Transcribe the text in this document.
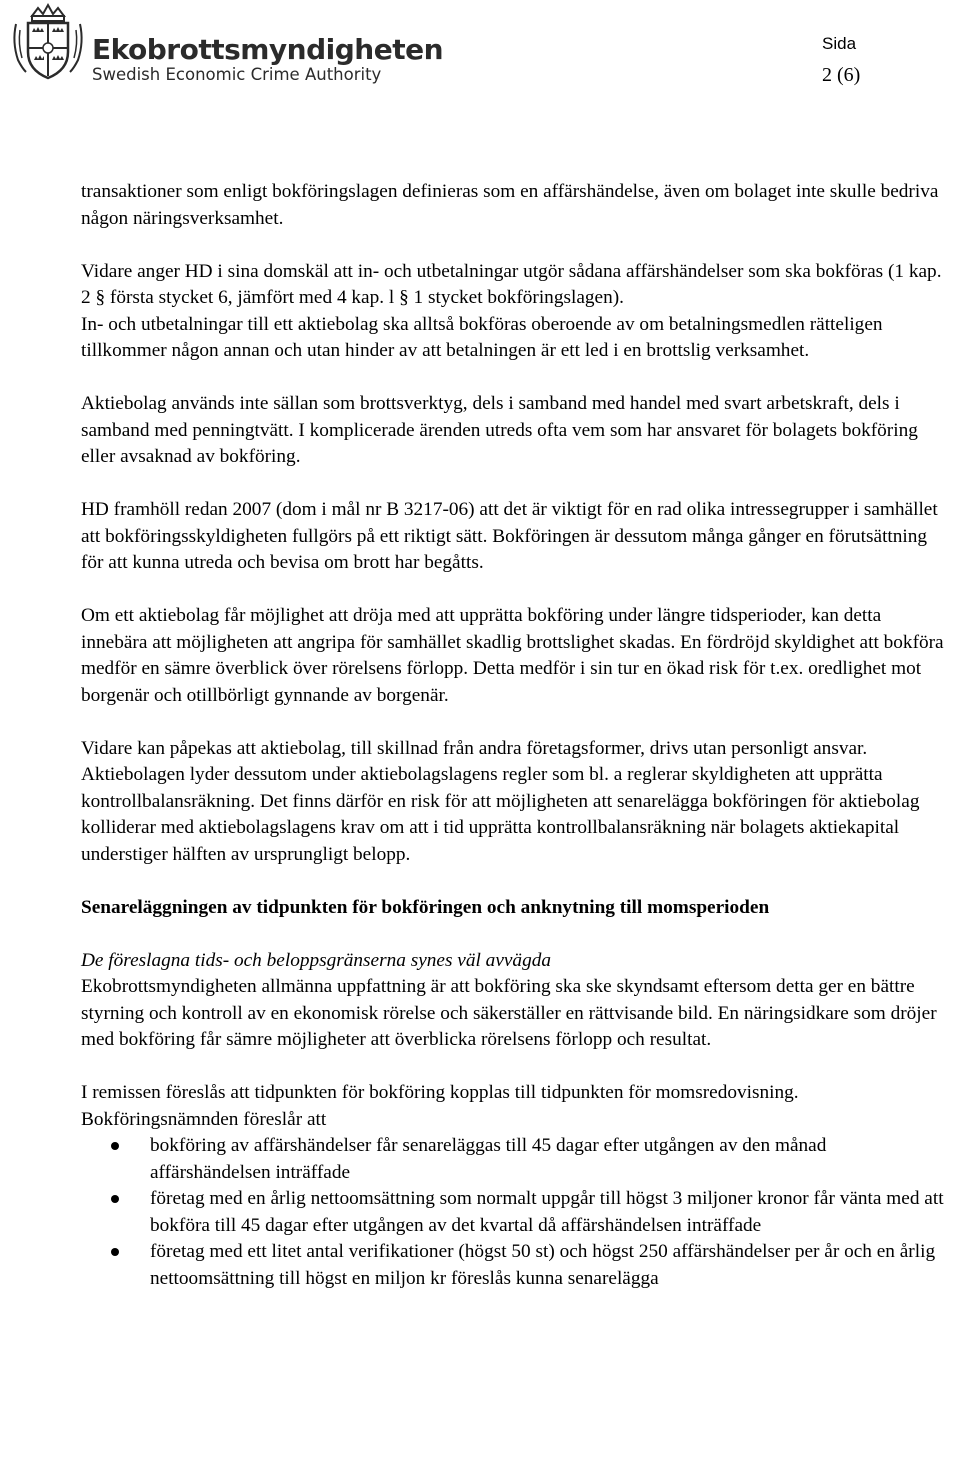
Ekobrottsmyndigheten
Swedish Economic Crime Authority
Sida
2 (6)

transaktioner som enligt bokföringslagen definieras som en affärshändelse, även om bolaget inte skulle bedriva någon näringsverksamhet.

Vidare anger HD i sina domskäl att in- och utbetalningar utgör sådana affärshändelser som ska bokföras (1 kap. 2 § första stycket 6, jämfört med 4 kap. l § 1 stycket bokföringslagen).

In- och utbetalningar till ett aktiebolag ska alltså bokföras oberoende av om betalningsmedlen rätteligen tillkommer någon annan och utan hinder av att betalningen är ett led i en brottslig verksamhet.

Aktiebolag används inte sällan som brottsverktyg, dels i samband med handel med svart arbetskraft, dels i samband med penningtvätt. I komplicerade ärenden utreds ofta vem som har ansvaret för bolagets bokföring eller avsaknad av bokföring.

HD framhöll redan 2007 (dom i mål nr B 3217-06) att det är viktigt för en rad olika intressegrupper i samhället att bokföringsskyldigheten fullgörs på ett riktigt sätt. Bokföringen är dessutom många gånger en förutsättning för att kunna utreda och bevisa om brott har begåtts.

Om ett aktiebolag får möjlighet att dröja med att upprätta bokföring under längre tidsperioder, kan detta innebära att möjligheten att angripa för samhället skadlig brottslighet skadas. En fördröjd skyldighet att bokföra medför en sämre överblick över rörelsens förlopp. Detta medför i sin tur en ökad risk för t.ex. oredlighet mot borgenär och otillbörligt gynnande av borgenär.

Vidare kan påpekas att aktiebolag, till skillnad från andra företagsformer, drivs utan personligt ansvar. Aktiebolagen lyder dessutom under aktiebolagslagens regler som bl. a reglerar skyldigheten att upprätta kontrollbalansräkning. Det finns därför en risk för att möjligheten att senarelägga bokföringen för aktiebolag kolliderar med aktiebolagslagens krav om att i tid upprätta kontrollbalansräkning när bolagets aktiekapital understiger hälften av ursprungligt belopp.

Senareläggningen av tidpunkten för bokföringen och anknytning till momsperioden

De föreslagna tids- och beloppsgränserna synes väl avvägda

Ekobrottsmyndigheten allmänna uppfattning är att bokföring ska ske skyndsamt eftersom detta ger en bättre styrning och kontroll av en ekonomisk rörelse och säkerställer en rättvisande bild. En näringsidkare som dröjer med bokföring får sämre möjligheter att överblicka rörelsens förlopp och resultat.

I remissen föreslås att tidpunkten för bokföring kopplas till tidpunkten för momsredovisning. Bokföringsnämnden föreslår att

bokföring av affärshändelser får senareläggas till 45 dagar efter utgången av den månad affärshändelsen inträffade
företag med en årlig nettoomsättning som normalt uppgår till högst 3 miljoner kronor får vänta med att bokföra till 45 dagar efter utgången av det kvartal då affärshändelsen inträffade
företag med ett litet antal verifikationer (högst 50 st) och högst 250 affärshändelser per år och en årlig nettoomsättning till högst en miljon kr föreslås kunna senarelägga
